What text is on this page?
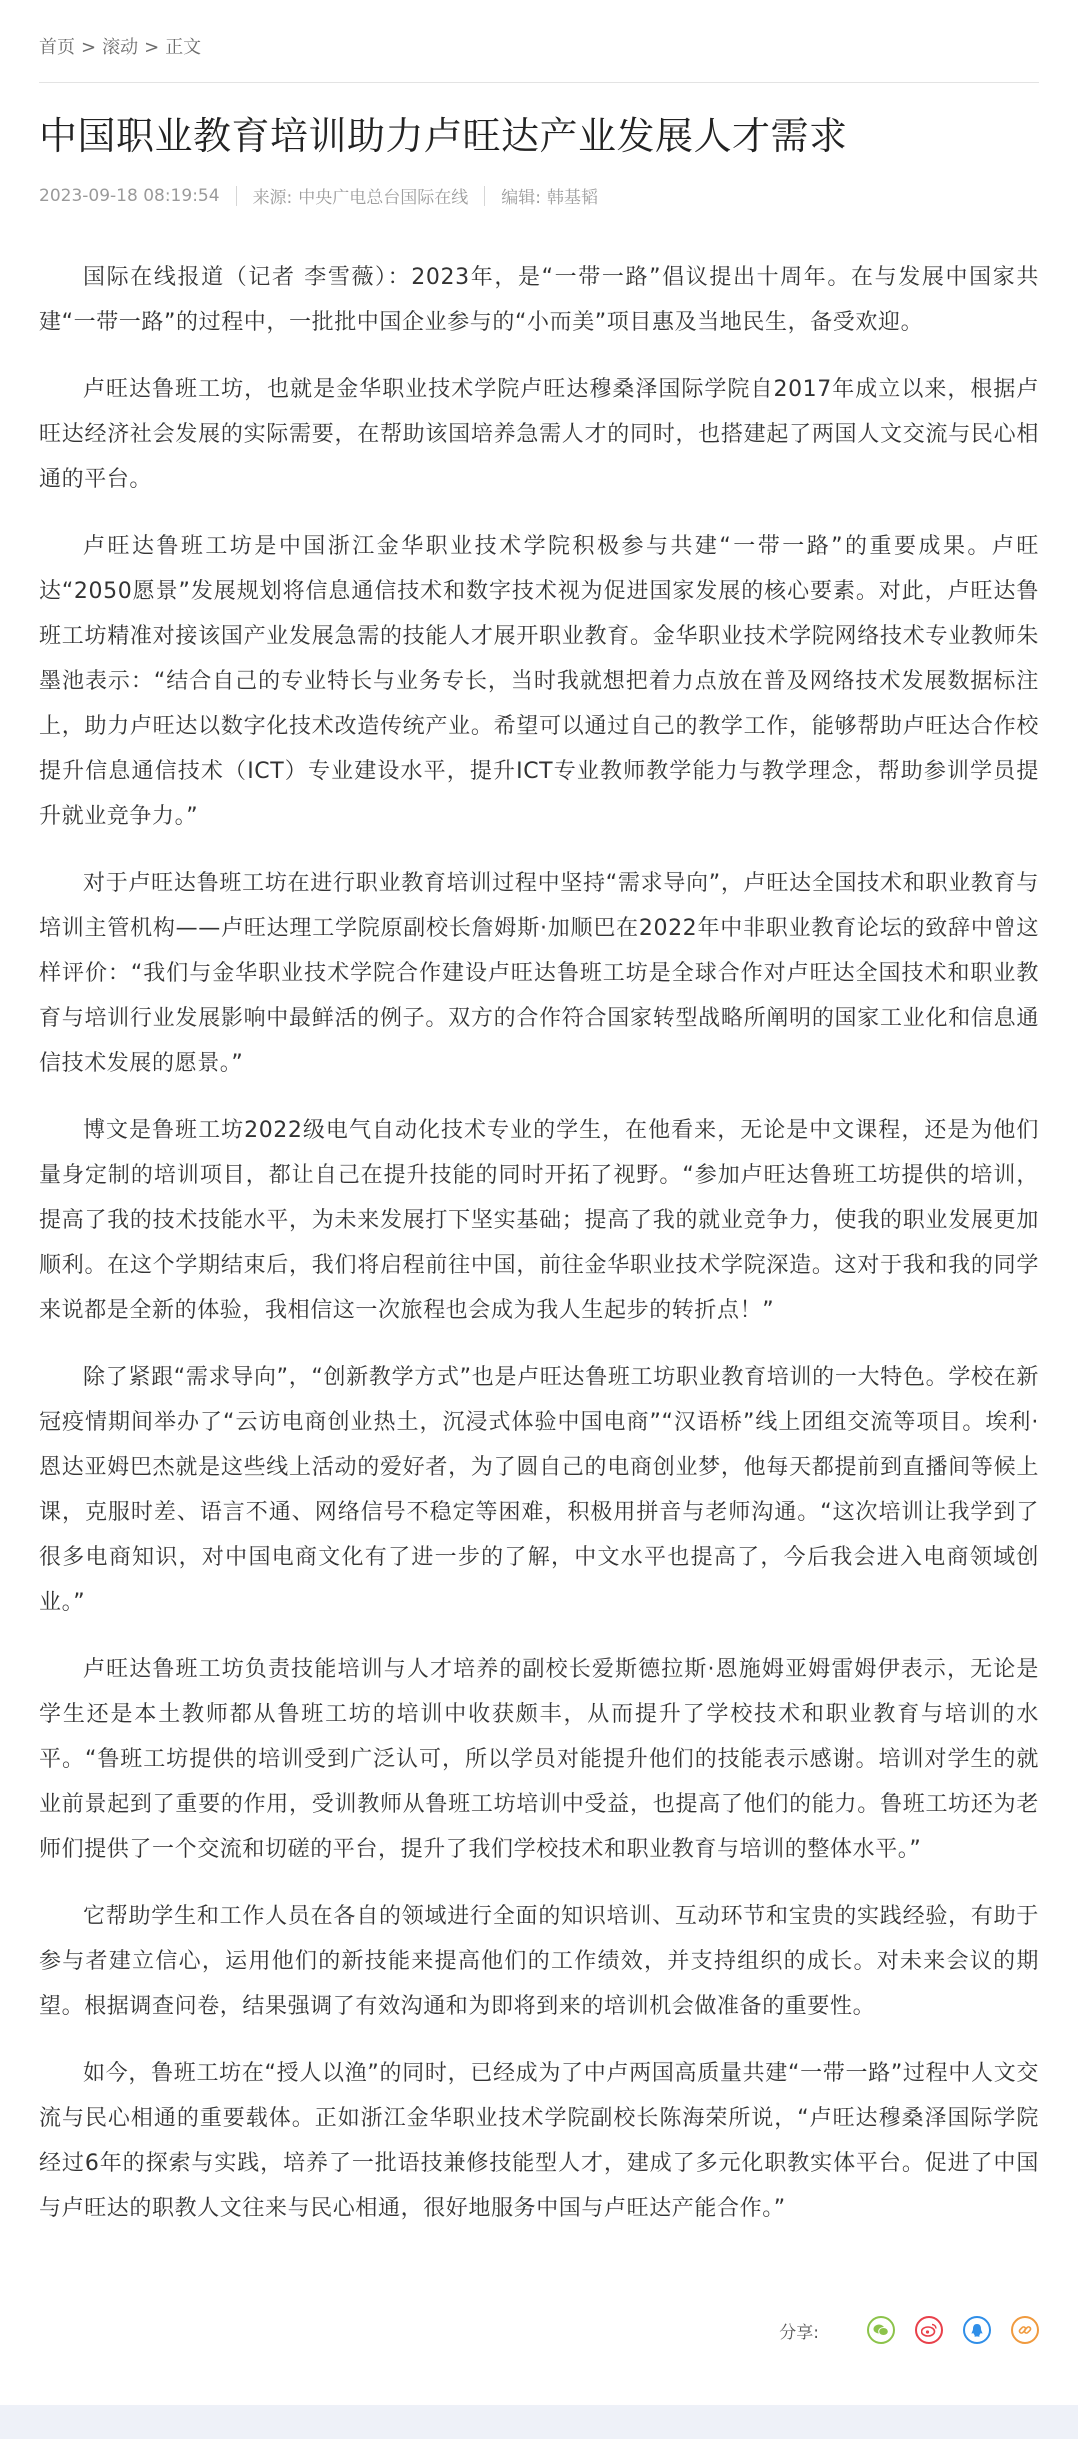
首页 > 滚动 > 正文
中国职业教育培训助力卢旺达产业发展人才需求
2023-09-18 08:19:54 来源: 中央广电总台国际在线 编辑: 韩基韬

国际在线报道（记者 李雪薇）：2023年，是“一带一路”倡议提出十周年。在与发展中国家共建“一带一路”的过程中，一批批中国企业参与的“小而美”项目惠及当地民生，备受欢迎。

卢旺达鲁班工坊，也就是金华职业技术学院卢旺达穆桑泽国际学院自2017年成立以来，根据卢旺达经济社会发展的实际需要，在帮助该国培养急需人才的同时，也搭建起了两国人文交流与民心相通的平台。

卢旺达鲁班工坊是中国浙江金华职业技术学院积极参与共建“一带一路”的重要成果。卢旺达“2050愿景”发展规划将信息通信技术和数字技术视为促进国家发展的核心要素。对此，卢旺达鲁班工坊精准对接该国产业发展急需的技能人才展开职业教育。金华职业技术学院网络技术专业教师朱墨池表示：“结合自己的专业特长与业务专长，当时我就想把着力点放在普及网络技术发展数据标注上，助力卢旺达以数字化技术改造传统产业。希望可以通过自己的教学工作，能够帮助卢旺达合作校提升信息通信技术（ICT）专业建设水平，提升ICT专业教师教学能力与教学理念，帮助参训学员提升就业竞争力。”

对于卢旺达鲁班工坊在进行职业教育培训过程中坚持“需求导向”，卢旺达全国技术和职业教育与培训主管机构——卢旺达理工学院原副校长詹姆斯·加顺巴在2022年中非职业教育论坛的致辞中曾这样评价：“我们与金华职业技术学院合作建设卢旺达鲁班工坊是全球合作对卢旺达全国技术和职业教育与培训行业发展影响中最鲜活的例子。双方的合作符合国家转型战略所阐明的国家工业化和信息通信技术发展的愿景。”

博文是鲁班工坊2022级电气自动化技术专业的学生，在他看来，无论是中文课程，还是为他们量身定制的培训项目，都让自己在提升技能的同时开拓了视野。“参加卢旺达鲁班工坊提供的培训，提高了我的技术技能水平，为未来发展打下坚实基础；提高了我的就业竞争力，使我的职业发展更加顺利。在这个学期结束后，我们将启程前往中国，前往金华职业技术学院深造。这对于我和我的同学来说都是全新的体验，我相信这一次旅程也会成为我人生起步的转折点！”

除了紧跟“需求导向”，“创新教学方式”也是卢旺达鲁班工坊职业教育培训的一大特色。学校在新冠疫情期间举办了“云访电商创业热土，沉浸式体验中国电商”“汉语桥”线上团组交流等项目。埃利·恩达亚姆巴杰就是这些线上活动的爱好者，为了圆自己的电商创业梦，他每天都提前到直播间等候上课，克服时差、语言不通、网络信号不稳定等困难，积极用拼音与老师沟通。“这次培训让我学到了很多电商知识，对中国电商文化有了进一步的了解，中文水平也提高了，今后我会进入电商领域创业。”

卢旺达鲁班工坊负责技能培训与人才培养的副校长爱斯德拉斯·恩施姆亚姆雷姆伊表示，无论是学生还是本土教师都从鲁班工坊的培训中收获颇丰，从而提升了学校技术和职业教育与培训的水平。“鲁班工坊提供的培训受到广泛认可，所以学员对能提升他们的技能表示感谢。培训对学生的就业前景起到了重要的作用，受训教师从鲁班工坊培训中受益，也提高了他们的能力。鲁班工坊还为老师们提供了一个交流和切磋的平台，提升了我们学校技术和职业教育与培训的整体水平。”

它帮助学生和工作人员在各自的领域进行全面的知识培训、互动环节和宝贵的实践经验，有助于参与者建立信心，运用他们的新技能来提高他们的工作绩效，并支持组织的成长。对未来会议的期望。根据调查问卷，结果强调了有效沟通和为即将到来的培训机会做准备的重要性。

如今，鲁班工坊在“授人以渔”的同时，已经成为了中卢两国高质量共建“一带一路”过程中人文交流与民心相通的重要载体。正如浙江金华职业技术学院副校长陈海荣所说，“卢旺达穆桑泽国际学院经过6年的探索与实践，培养了一批语技兼修技能型人才，建成了多元化职教实体平台。促进了中国与卢旺达的职教人文往来与民心相通，很好地服务中国与卢旺达产能合作。”

分享:
